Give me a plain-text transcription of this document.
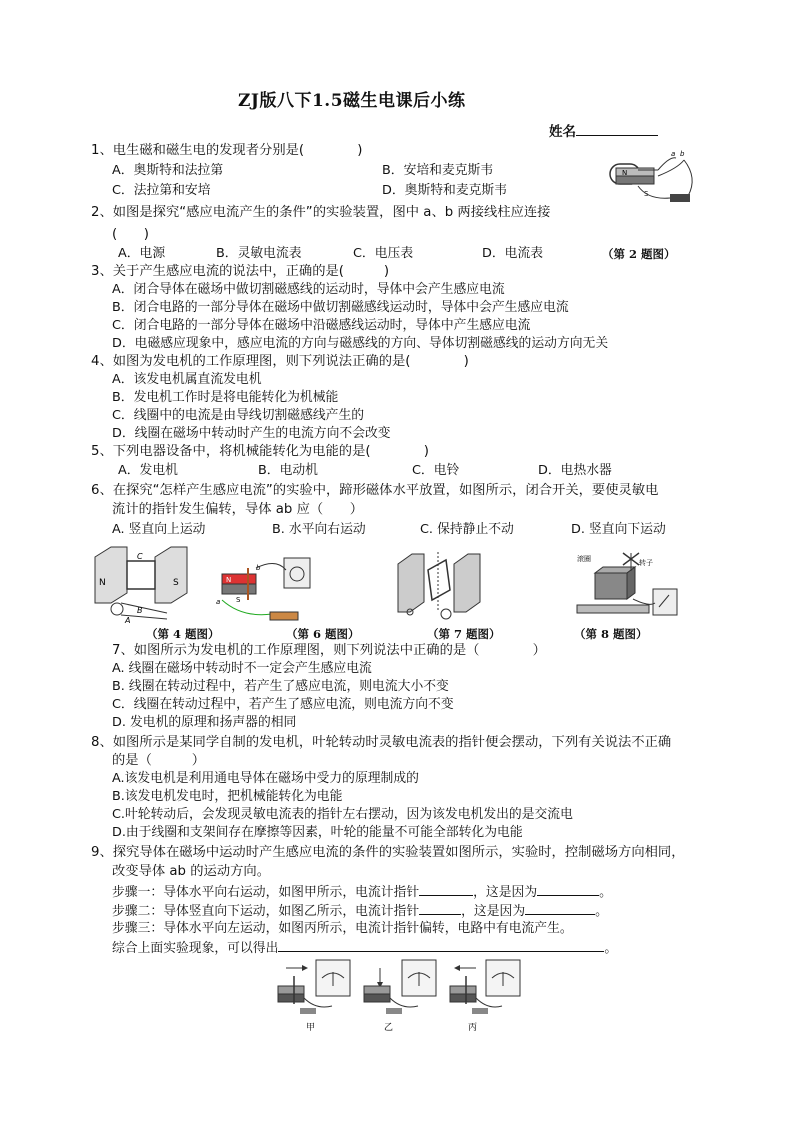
ZJ版八下1.5磁生电课后小练
姓名
1、电生磁和磁生电的发现者分别是(　　　　)
A．奥斯特和法拉第	B．安培和麦克斯韦
C．法拉第和安培	D．奥斯特和麦克斯韦
N
S
a b
2、如图是探究“感应电流产生的条件”的实验装置，图中 a、b 两接线柱应连接
(　　)
A．电源	B．灵敏电流表	C．电压表	D．电流表	（第 2 题图）
3、关于产生感应电流的说法中，正确的是(　　　)
A．闭合导体在磁场中做切割磁感线的运动时，导体中会产生感应电流
B．闭合电路的一部分导体在磁场中做切割磁感线运动时，导体中会产生感应电流
C．闭合电路的一部分导体在磁场中沿磁感线运动时，导体中产生感应电流
D．电磁感应现象中，感应电流的方向与磁感线的方向、导体切割磁感线的运动方向无关
4、如图为发电机的工作原理图，则下列说法正确的是(　　　　)
A．该发电机属直流发电机
B．发电机工作时是将电能转化为机械能
C．线圈中的电流是由导线切割磁感线产生的
D．线圈在磁场中转动时产生的电流方向不会改变
5、下列电器设备中，将机械能转化为电能的是(　　　　)
A．发电机	B．电动机	C．电铃	D．电热水器
6、在探究“怎样产生感应电流”的实验中，蹄形磁体水平放置，如图所示，闭合开关，要使灵敏电
流计的指针发生偏转，导体 ab 应（　　）
A. 竖直向上运动	B. 水平向右运动	C. 保持静止不动	D. 竖直向下运动
N	S
C
B
A
N
S
a
b
滚圈	转子
（第 4 题图）	（第 6 题图）	（第 7 题图）	（第 8 题图）
7、如图所示为发电机的工作原理图，则下列说法中正确的是（　　　　）
A. 线圈在磁场中转动时不一定会产生感应电流
B. 线圈在转动过程中，若产生了感应电流，则电流大小不变
C．线圈在转动过程中，若产生了感应电流，则电流方向不变
D. 发电机的原理和扬声器的相同
8、如图所示是某同学自制的发电机，叶轮转动时灵敏电流表的指针便会摆动，下列有关说法不正确
的是（　　　）
A.该发电机是利用通电导体在磁场中受力的原理制成的
B.该发电机发电时，把机械能转化为电能
C.叶轮转动后，会发现灵敏电流表的指针左右摆动，因为该发电机发出的是交流电
D.由于线圈和支架间存在摩擦等因素，叶轮的能量不可能全部转化为电能
9、探究导体在磁场中运动时产生感应电流的条件的实验装置如图所示，实验时，控制磁场方向相同，
改变导体 ab 的运动方向。
步骤一：导体水平向右运动，如图甲所示，电流计指针	，这是因为	。
步骤二：导体竖直向下运动，如图乙所示，电流计指针	，这是因为	。
步骤三：导体水平向左运动，如图丙所示，电流计指针偏转，电路中有电流产生。
综合上面实验现象，可以得出	。
甲	乙	丙
